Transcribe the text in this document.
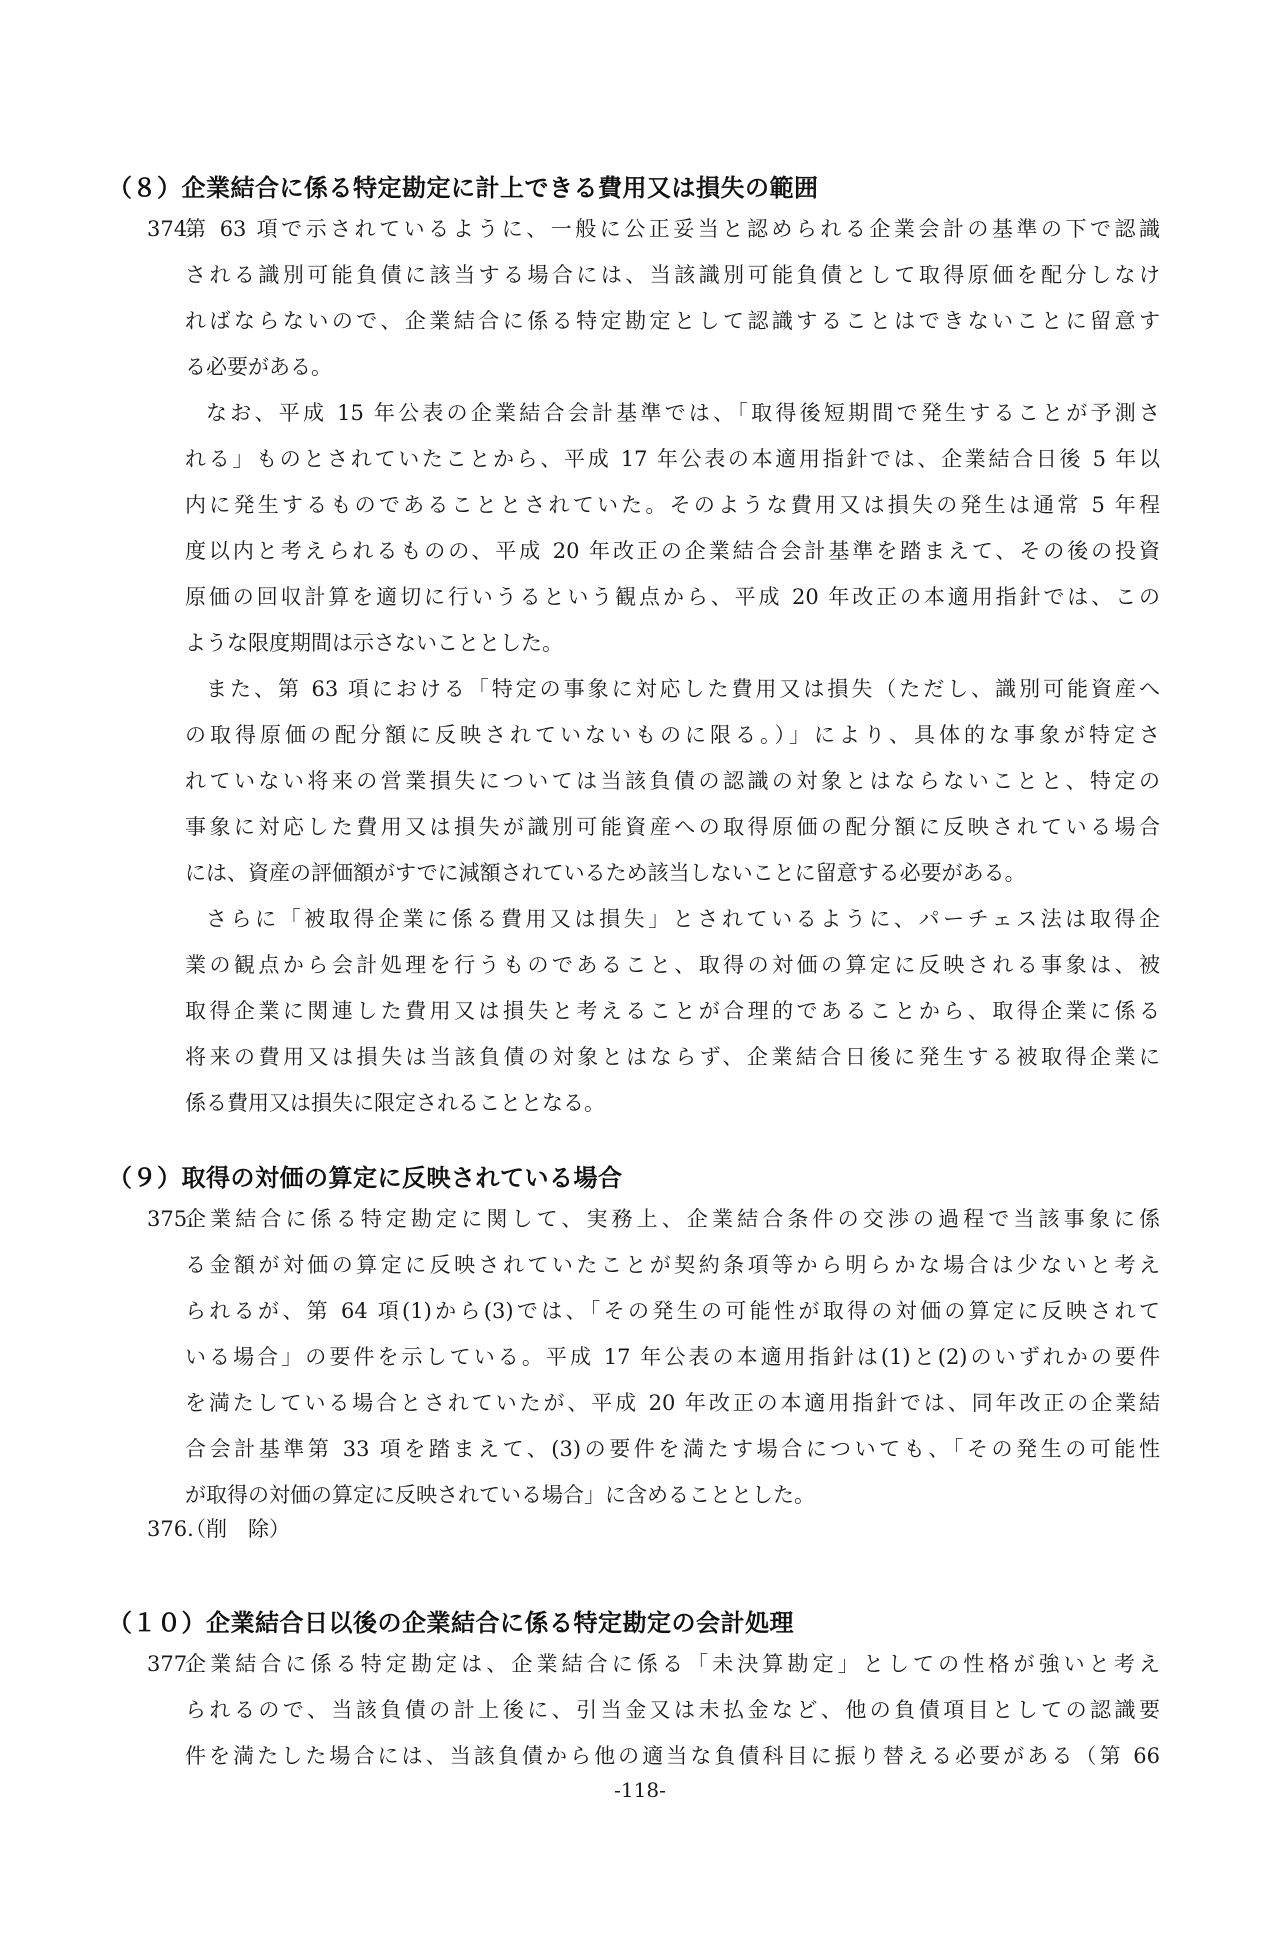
（８）企業結合に係る特定勘定に計上できる費用又は損失の範囲
374.
第 63 項で示されているように、一般に公正妥当と認められる企業会計の基準の下で認識
される識別可能負債に該当する場合には、当該識別可能負債として取得原価を配分しなけ
ればならないので、企業結合に係る特定勘定として認識することはできないことに留意す
る必要がある。
なお、平成 15 年公表の企業結合会計基準では、「取得後短期間で発生することが予測さ
れる」ものとされていたことから、平成 17 年公表の本適用指針では、企業結合日後 5 年以
内に発生するものであることとされていた。そのような費用又は損失の発生は通常 5 年程
度以内と考えられるものの、平成 20 年改正の企業結合会計基準を踏まえて、その後の投資
原価の回収計算を適切に行いうるという観点から、平成 20 年改正の本適用指針では、この
ような限度期間は示さないこととした。
また、第 63 項における「特定の事象に対応した費用又は損失（ただし、識別可能資産へ
の取得原価の配分額に反映されていないものに限る。）」により、具体的な事象が特定さ
れていない将来の営業損失については当該負債の認識の対象とはならないことと、特定の
事象に対応した費用又は損失が識別可能資産への取得原価の配分額に反映されている場合
には、資産の評価額がすでに減額されているため該当しないことに留意する必要がある。
さらに「被取得企業に係る費用又は損失」とされているように、パーチェス法は取得企
業の観点から会計処理を行うものであること、取得の対価の算定に反映される事象は、被
取得企業に関連した費用又は損失と考えることが合理的であることから、取得企業に係る
将来の費用又は損失は当該負債の対象とはならず、企業結合日後に発生する被取得企業に
係る費用又は損失に限定されることとなる。
（９）取得の対価の算定に反映されている場合
375.
企業結合に係る特定勘定に関して、実務上、企業結合条件の交渉の過程で当該事象に係
る金額が対価の算定に反映されていたことが契約条項等から明らかな場合は少ないと考え
られるが、第 64 項(1)から(3)では、「その発生の可能性が取得の対価の算定に反映されて
いる場合」の要件を示している。平成 17 年公表の本適用指針は(1)と(2)のいずれかの要件
を満たしている場合とされていたが、平成 20 年改正の本適用指針では、同年改正の企業結
合会計基準第 33 項を踏まえて、(3)の要件を満たす場合についても、「その発生の可能性
が取得の対価の算定に反映されている場合」に含めることとした。
376.
（削　除）
（１０）企業結合日以後の企業結合に係る特定勘定の会計処理
377.
企業結合に係る特定勘定は、企業結合に係る「未決算勘定」としての性格が強いと考え
られるので、当該負債の計上後に、引当金又は未払金など、他の負債項目としての認識要
件を満たした場合には、当該負債から他の適当な負債科目に振り替える必要がある（第 66
-118-
